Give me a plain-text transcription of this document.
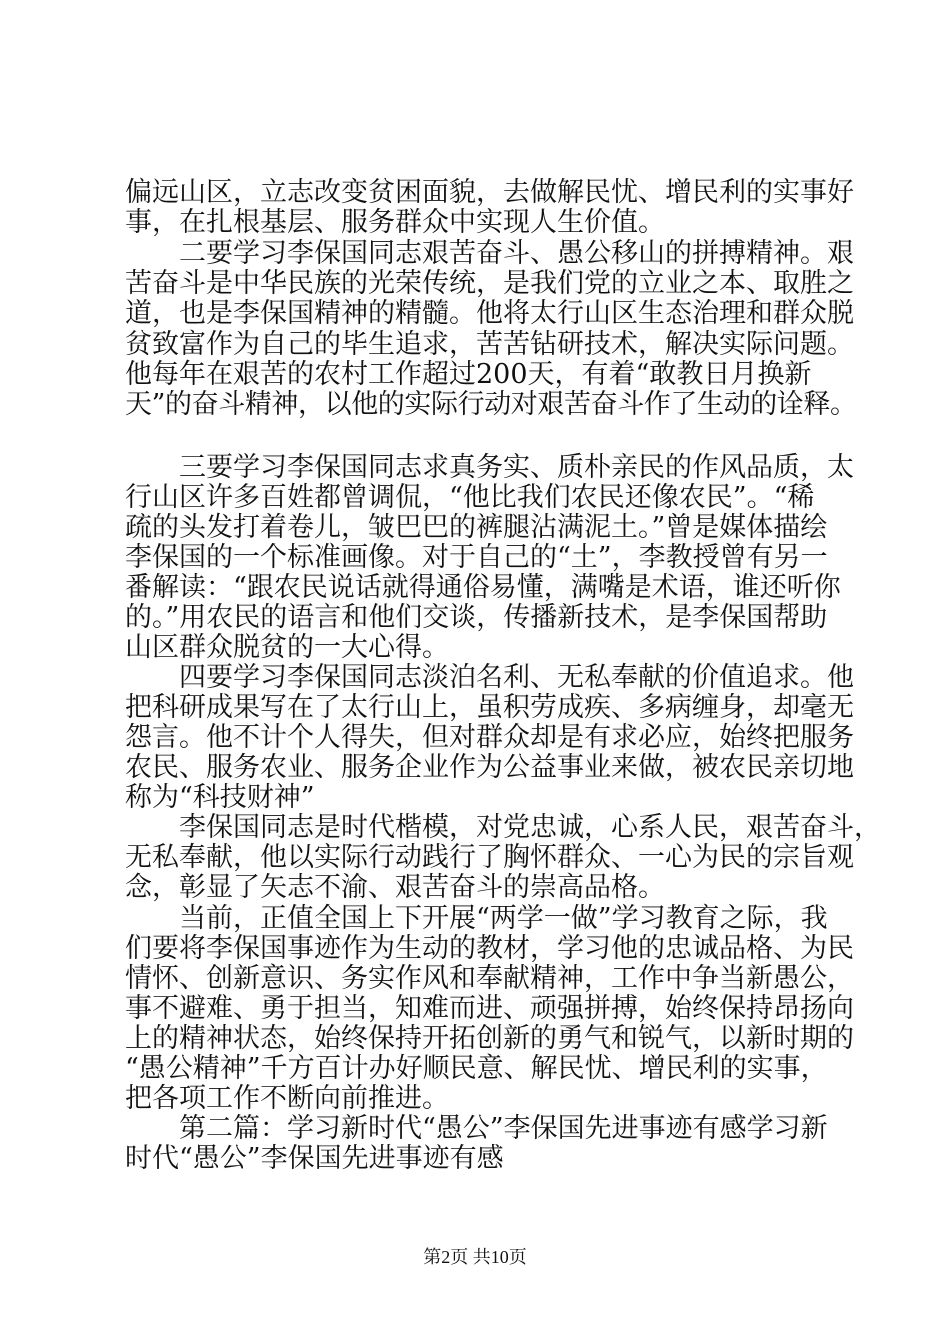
偏远山区，立志改变贫困面貌，去做解民忧、增民利的实事好
事，在扎根基层、服务群众中实现人生价值。
　　二要学习李保国同志艰苦奋斗、愚公移山的拼搏精神。艰
苦奋斗是中华民族的光荣传统，是我们党的立业之本、取胜之
道，也是李保国精神的精髓。他将太行山区生态治理和群众脱
贫致富作为自己的毕生追求，苦苦钻研技术，解决实际问题。
他每年在艰苦的农村工作超过200天，有着“敢教日月换新
天”的奋斗精神，以他的实际行动对艰苦奋斗作了生动的诠释。
　　三要学习李保国同志求真务实、质朴亲民的作风品质，太
行山区许多百姓都曾调侃，“他比我们农民还像农民”。“稀
疏的头发打着卷儿，皱巴巴的裤腿沾满泥土。”曾是媒体描绘
李保国的一个标准画像。对于自己的“土”，李教授曾有另一
番解读：“跟农民说话就得通俗易懂，满嘴是术语，谁还听你
的。”用农民的语言和他们交谈，传播新技术，是李保国帮助
山区群众脱贫的一大心得。
　　四要学习李保国同志淡泊名利、无私奉献的价值追求。他
把科研成果写在了太行山上，虽积劳成疾、多病缠身，却毫无
怨言。他不计个人得失，但对群众却是有求必应，始终把服务
农民、服务农业、服务企业作为公益事业来做，被农民亲切地
称为“科技财神”
　　李保国同志是时代楷模，对党忠诚，心系人民，艰苦奋斗，
无私奉献，他以实际行动践行了胸怀群众、一心为民的宗旨观
念，彰显了矢志不渝、艰苦奋斗的崇高品格。
　　当前，正值全国上下开展“两学一做”学习教育之际，我
们要将李保国事迹作为生动的教材，学习他的忠诚品格、为民
情怀、创新意识、务实作风和奉献精神，工作中争当新愚公，
事不避难、勇于担当，知难而进、顽强拼搏，始终保持昂扬向
上的精神状态，始终保持开拓创新的勇气和锐气，以新时期的
“愚公精神”千方百计办好顺民意、解民忧、增民利的实事，
把各项工作不断向前推进。
　　第二篇：学习新时代“愚公”李保国先进事迹有感学习新
时代“愚公”李保国先进事迹有感
第2页 共10页
